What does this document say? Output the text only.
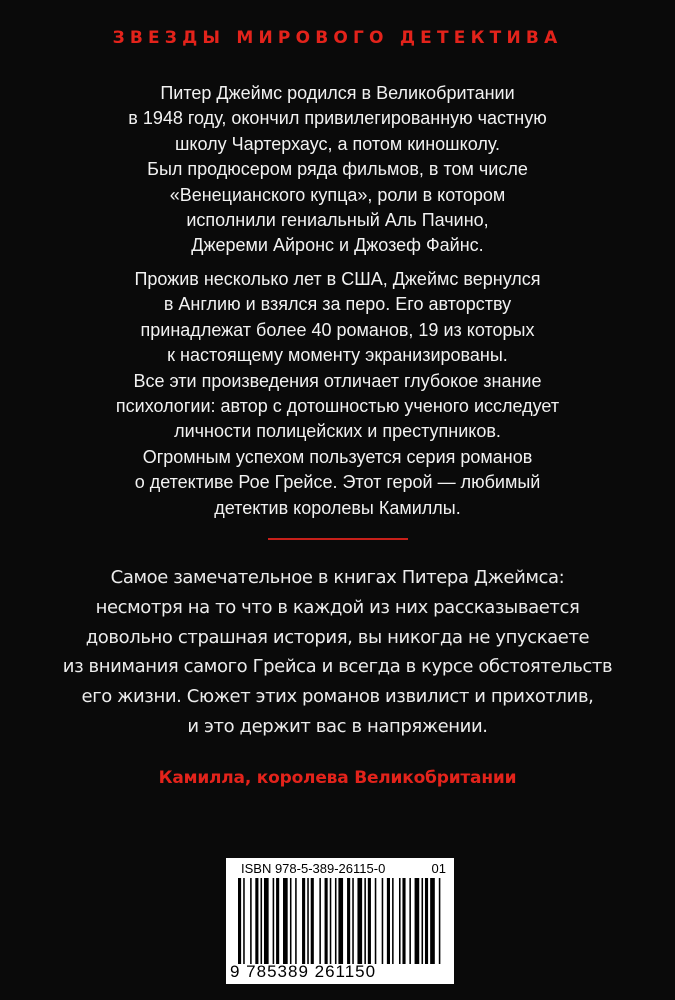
ЗВЕЗДЫ МИРОВОГО ДЕТЕКТИВА
Питер Джеймс родился в Великобритании
в 1948 году, окончил привилегированную частную
школу Чартерхаус, а потом киношколу.
Был продюсером ряда фильмов, в том числе
«Венецианского купца», роли в котором
исполнили гениальный Аль Пачино,
Джереми Айронс и Джозеф Файнс.
Прожив несколько лет в США, Джеймс вернулся
в Англию и взялся за перо. Его авторству
принадлежат более 40 романов, 19 из которых
к настоящему моменту экранизированы.
Все эти произведения отличает глубокое знание
психологии: автор с дотошностью ученого исследует
личности полицейских и преступников.
Огромным успехом пользуется серия романов
о детективе Рое Грейсе. Этот герой — любимый
детектив королевы Камиллы.
Самое замечательное в книгах Питера Джеймса:
несмотря на то что в каждой из них рассказывается
довольно страшная история, вы никогда не упускаете
из внимания самого Грейса и всегда в курсе обстоятельств
его жизни. Сюжет этих романов извилист и прихотлив,
и это держит вас в напряжении.
Камилла, королева Великобритании
ISBN 978-5-389-26115-0	01
9 785389 261150
